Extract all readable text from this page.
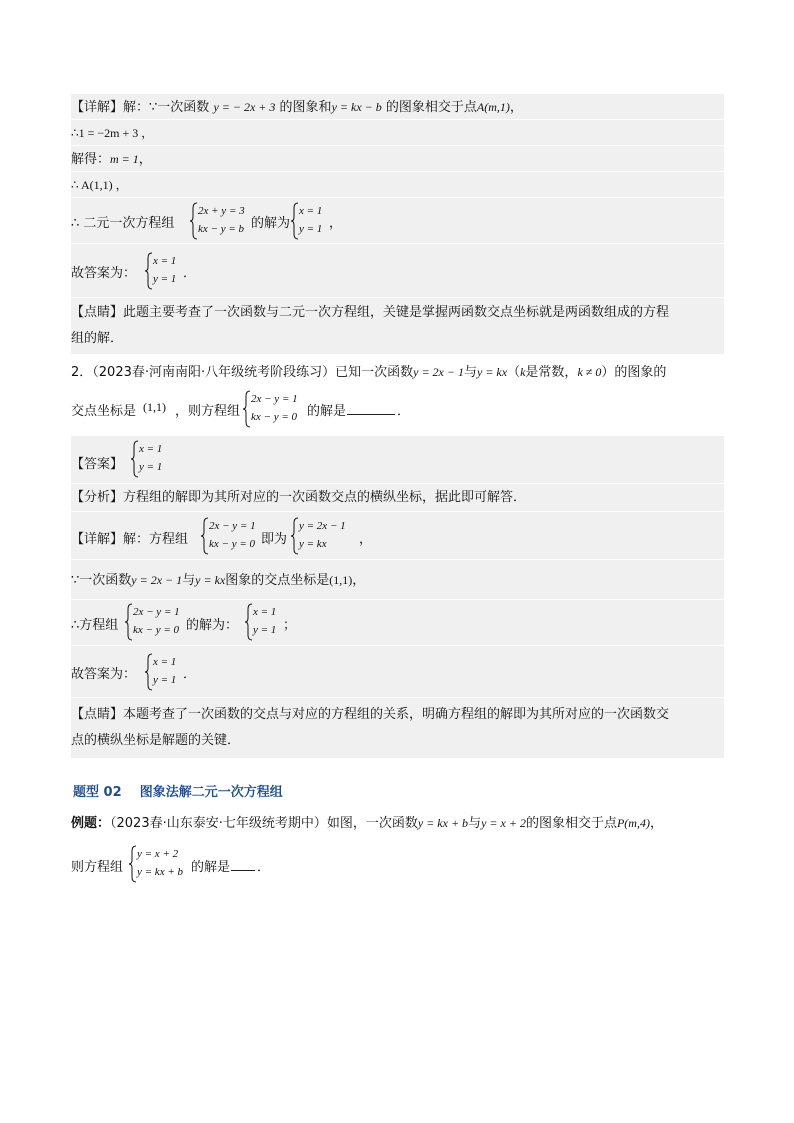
【详解】解：∵一次函数 y = − 2x + 3 的图象和y = kx − b 的图象相交于点A(m,1)，
∴1 = −2m + 3 ，
解得：m = 1，
∴ A(1,1) ，
∴ 二元一次方程组
2x + y = 3
kx − y = b 的解为
x = 1
y = 1 ，
故答案为：
x = 1
y = 1 ．
【点睛】此题主要考查了一次函数与二元一次方程组，关键是掌握两函数交点坐标就是两函数组成的方程
组的解．
2．（2023春·河南南阳·八年级统考阶段练习）已知一次函数y = 2x − 1与y = kx（k是常数，k ≠ 0）的图象的
交点坐标是 (1,1) ，则方程组
2x − y = 1
kx − y = 0 的解是	．
【答案】
x = 1
y = 1
【分析】方程组的解即为其所对应的一次函数交点的横纵坐标，据此即可解答．
【详解】解：方程组
2x − y = 1
kx − y = 0 即为
y = 2x − 1
y = kx	，
∵一次函数y = 2x − 1与y = kx图象的交点坐标是(1,1)，
∴方程组
2x − y = 1
kx − y = 0 的解为：
x = 1
y = 1 ；
故答案为：
x = 1
y = 1 ．
【点睛】本题考查了一次函数的交点与对应的方程组的关系，明确方程组的解即为其所对应的一次函数交
点的横纵坐标是解题的关键．
题型 02 图象法解二元一次方程组
例题：（2023春·山东泰安·七年级统考期中）如图，一次函数y = kx + b与y = x + 2的图象相交于点P(m,4)，
则方程组
y = x + 2
y = kx + b 的解是 ．
